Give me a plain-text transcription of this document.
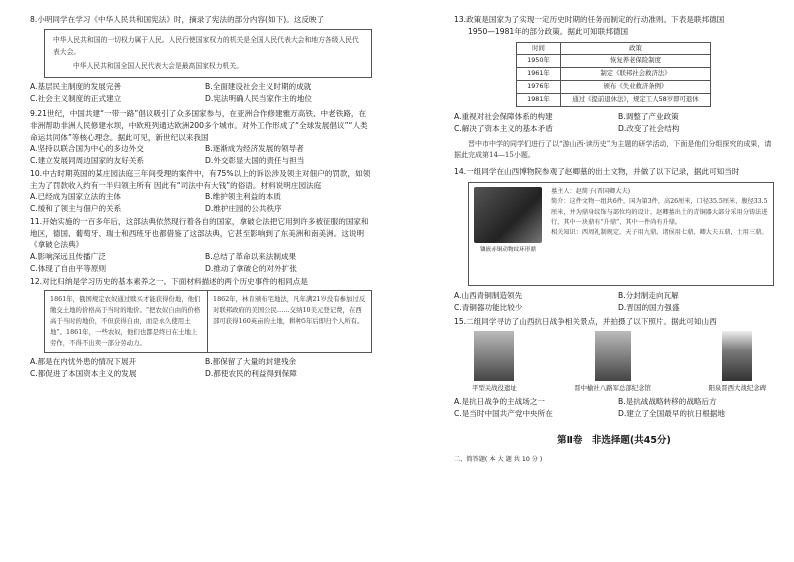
8.小明同学在学习《中华人民共和国宪法》时，摘录了宪法的部分内容(如下)。这反映了

中华人民共和国的一切权力属于人民。人民行使国家权力的机关是全国人民代表大会和地方各级人民代表大会。

中华人民共和国全国人民代表大会是最高国家权力机关。

A.基层民主制度的发展完善	B.全面建设社会主义时期的成就
C.社会主义制度的正式建立	D.宪法明确人民当家作主的地位
9.21世纪，中国共建“一带一路”倡议吸引了众多国家参与，在亚洲合作修建雅万高铁、中老铁路，在非洲帮助非洲人民修建水坝，中欧班列通达欧洲200多个城市。对外工作形成了“全球发展倡议”“人类命运共同体”等核心理念。据此可见，新世纪以来我国
A.坚持以联合国为中心的多边外交	B.逐渐成为经济发展的领导者
C.建立发展同周边国家的友好关系	D.外交彰显大国的责任与担当
10.中古时期英国的某庄园法庭三年间受理的案件中，有75%以上的诉讼涉及领主对佃户的罚款，如领主为了罚款收入约有一半归领主所有 因此有“司法中有大钱”的俗语。材料说明庄园法庭
A.已经成为国家立法的主体	B.维护领主利益的本质
C.缓和了领主与佃户的关系	D.维护庄园的公共秩序
11.开始实施的一百多年后，这部法典依然现行着各自的国家，拿破仑法把它用到许多被征服的国家和地区，德国、葡萄牙、瑞士和西班牙也都借鉴了这部法典，它甚至影响到了东美洲和南美洲。这说明《拿破仑法典》
A.影响深远且传播广泛	B.总结了革命以来法制成果
C.体现了自由平等原则	D.推动了拿破仑的对外扩张
12.对比归纳是学习历史的基本素养之一。下面材料描述的两个历史事件的相同点是
1861年，俄国规定农奴通过赎买才能获得份地，他们缴交土地的价格高于当时的地价。“把农奴自由的价格高于当时的地价，不但获得自由，而是永久使用土地”。1861年，一些农奴，他们也都是终日在土地上劳作，不得不出卖一部分劳动力。
1862年，林肯颁布宅地法，凡年满21岁没有参加过反对联邦政府的美国公民……交纳10美元登记费，在西部可获得160英亩的土地，耕种5年后即归个人所有。
A.都是在内忧外患的情况下展开	B.都保留了大量的封建残余
C.都促进了本国资本主义的发展	D.都使农民的利益得到保障
13.政策是国家为了实现一定历史时期的任务而制定的行动准则。下表是联邦德国
1950—1981年的部分政策。据此可知联邦德国
时间	政策
1950年	恢复养老保险制度
1961年	制定《联邦社会救济法》
1976年	颁布《失业救济条例》
1981年	通过《提前退休法》，规定工人58岁即可退休
A.重视对社会保障体系的构建	B.调整了产业政策
C.解决了资本主义的基本矛盾	D.改变了社会结构
晋中市中学的同学们进行了以“游山西·读历史”为主题的研学活动，下面是他们分组探究的成果，请据此完成第14—15小题。
14.一组同学在山西博物院参观了赵卿墓的出土文物，并做了以下记录，据此可知当时
镶嵌赤铜动物纹环形鼎
墓主人：赵简子(晋国卿大夫)
简介：这件文物一组共6件，国为第3件，高26厘米，口径35.5厘米，腹径33.5厘米，并为鼎身纹饰与部位均的设计，赵卿墓出土的青铜器大部分采用分铸法进行，其中一块鼎有“升鼎”，其中一件尚有升鼎。
相关知识：西周礼制规定，天子用九鼎，诸侯用七鼎，卿大夫五鼎，士用三鼎。
A.山西青铜制造领先	B.分封制走向瓦解
C.青铜器功能比较少	D.晋国的国力强盛
15.二组同学寻访了山西抗日战争相关景点，并拍摄了以下照片。据此可知山西
平型关战役遗址	晋中榆社八路军总部纪念馆	阳泉晋西大战纪念碑
A.是抗日战争的主战场之一	B.是抗战战略转移的战略后方
C.是当时中国共产党中央所在	D.建立了全国最早的抗日根据地
第Ⅱ卷　非选择题(共45分)
二、简答题( 本 大 题 共 10 分 )
